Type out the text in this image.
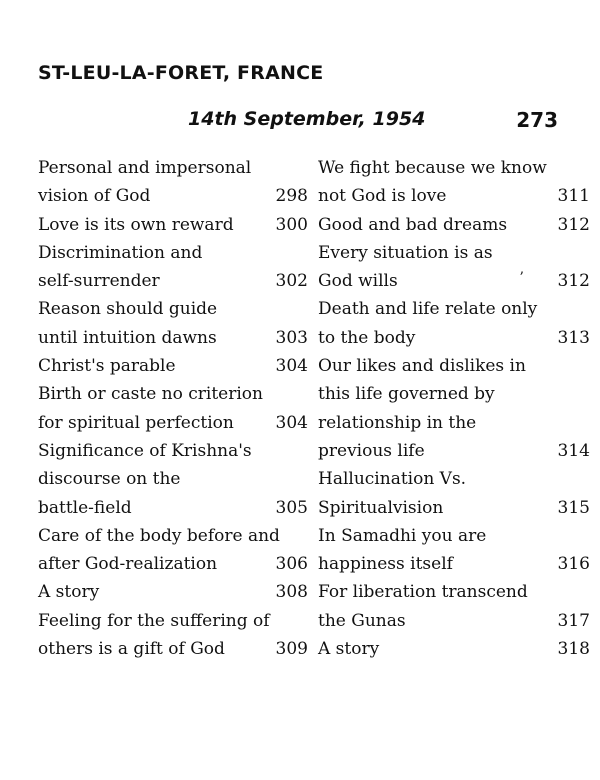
ST-LEU-LA-FORET, FRANCE
14th September, 1954	273
Personal and impersonal
vision of God	298
Love is its own reward	300
Discrimination and
self-surrender	302
Reason should guide
until intuition dawns	303
Christ's parable	304
Birth or caste no criterion
for spiritual perfection	304
Significance of Krishna's
discourse on the
battle-field	305
Care of the body before and
after God-realization	306
A story	308
Feeling for the suffering of
others is a gift of God	309
We fight because we know
not God is love	311
Good and bad dreams	312
Every situation is as
God wills	312
Death and life relate only
to the body	313
Our likes and dislikes in
this life governed by
relationship in the
previous life	314
Hallucination Vs.
Spiritualvision	315
In Samadhi you are
happiness itself	316
For liberation transcend
the Gunas	317
A story	318
ʼ
